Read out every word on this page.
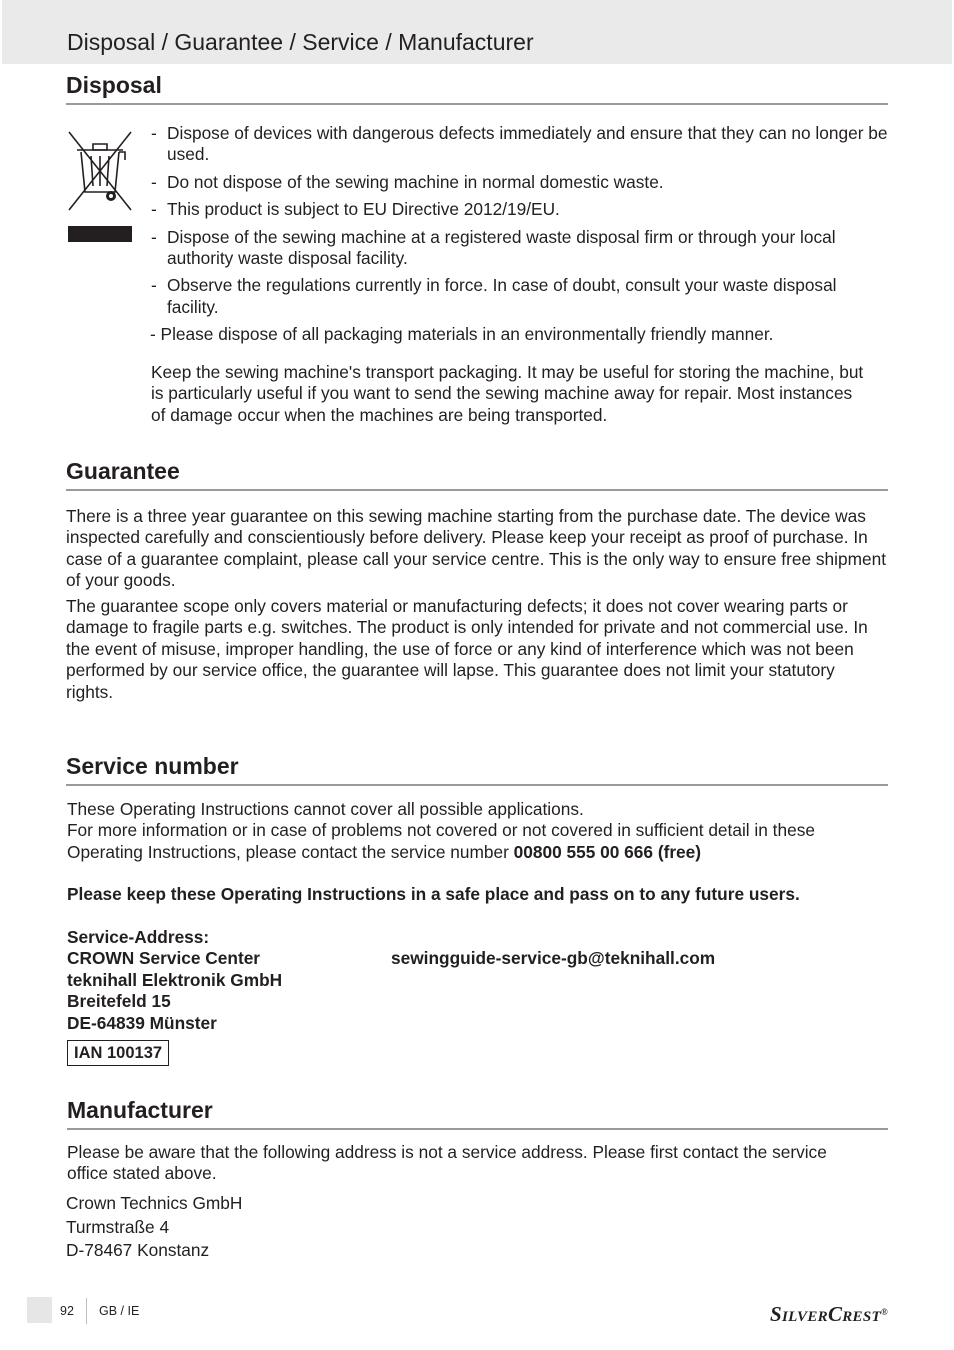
Disposal / Guarantee / Service / Manufacturer
Disposal
- Dispose of devices with dangerous defects immediately and ensure that they can no longer be used.
- Do not dispose of the sewing machine in normal domestic waste.
- This product is subject to EU Directive 2012/19/EU.
- Dispose of the sewing machine at a registered waste disposal firm or through your local authority waste disposal facility.
- Observe the regulations currently in force. In case of doubt, consult your waste disposal facility.
- Please dispose of all packaging materials in an environmentally friendly manner.
Keep the sewing machine's transport packaging. It may be useful for storing the machine, but is particularly useful if you want to send the sewing machine away for repair. Most instances of damage occur when the machines are being transported.
Guarantee
There is a three year guarantee on this sewing machine starting from the purchase date. The device was inspected carefully and conscientiously before delivery. Please keep your receipt as proof of purchase. In case of a guarantee complaint, please call your service centre. This is the only way to ensure free shipment of your goods.
The guarantee scope only covers material or manufacturing defects; it does not cover wearing parts or damage to fragile parts e.g. switches. The product is only intended for private and not commercial use. In the event of misuse, improper handling, the use of force or any kind of interference which was not been performed by our service office, the guarantee will lapse. This guarantee does not limit your statutory rights.
Service number
These Operating Instructions cannot cover all possible applications.
For more information or in case of problems not covered or not covered in sufficient detail in these Operating Instructions, please contact the service number 00800 555 00 666 (free)
Please keep these Operating Instructions in a safe place and pass on to any future users.
Service-Address:
CROWN Service Center
teknihall Elektronik GmbH
Breitefeld 15
DE-64839 Münster
sewingguide-service-gb@teknihall.com
IAN 100137
Manufacturer
Please be aware that the following address is not a service address. Please first contact the service office stated above.
Crown Technics GmbH
Turmstraße 4
D-78467 Konstanz
92 GB / IE	SILVERCREST®
